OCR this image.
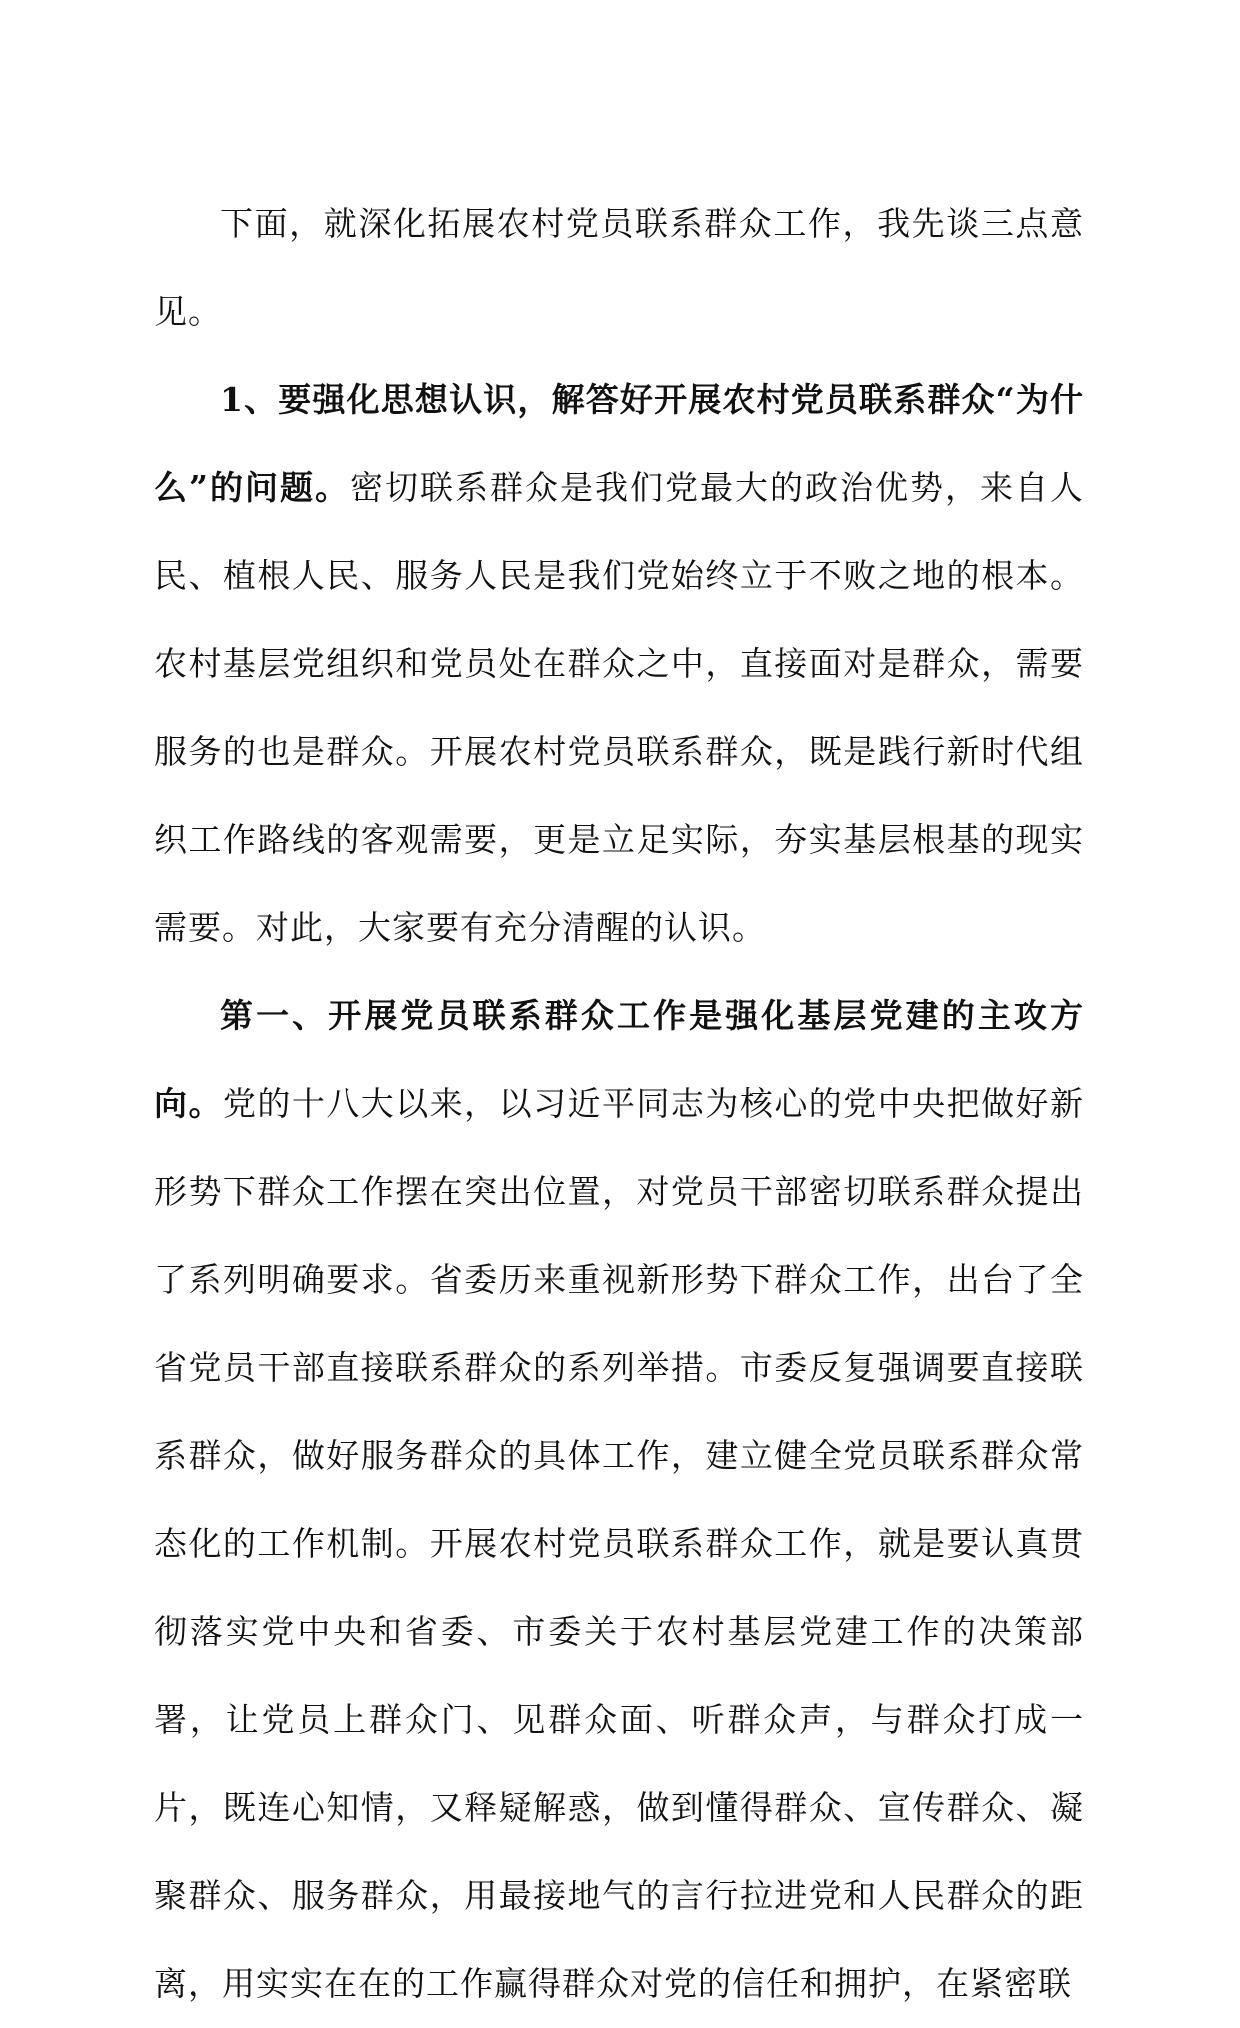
下面，就深化拓展农村党员联系群众工作，我先谈三点意见。

1、要强化思想认识，解答好开展农村党员联系群众“为什么”的问题。密切联系群众是我们党最大的政治优势，来自人民、植根人民、服务人民是我们党始终立于不败之地的根本。农村基层党组织和党员处在群众之中，直接面对是群众，需要服务的也是群众。开展农村党员联系群众，既是践行新时代组织工作路线的客观需要，更是立足实际，夯实基层根基的现实需要。对此，大家要有充分清醒的认识。

第一、开展党员联系群众工作是强化基层党建的主攻方向。党的十八大以来，以习近平同志为核心的党中央把做好新形势下群众工作摆在突出位置，对党员干部密切联系群众提出了系列明确要求。省委历来重视新形势下群众工作，出台了全省党员干部直接联系群众的系列举措。市委反复强调要直接联系群众，做好服务群众的具体工作，建立健全党员联系群众常态化的工作机制。开展农村党员联系群众工作，就是要认真贯彻落实党中央和省委、市委关于农村基层党建工作的决策部署，让党员上群众门、见群众面、听群众声，与群众打成一片，既连心知情，又释疑解惑，做到懂得群众、宣传群众、凝聚群众、服务群众，用最接地气的言行拉进党和人民群众的距离，用实实在在的工作赢得群众对党的信任和拥护，在紧密联
